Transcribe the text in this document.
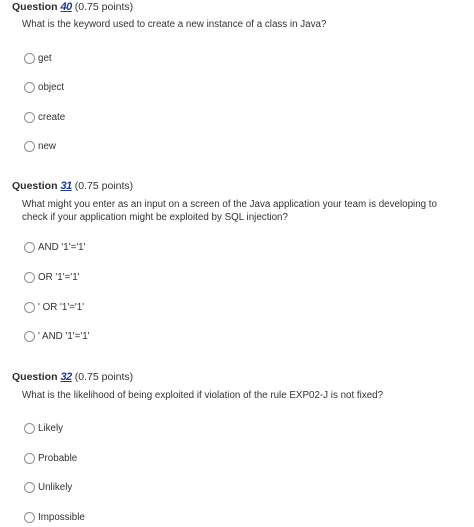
Question 40 (0.75 points)
What is the keyword used to create a new instance of a class in Java?
get
object
create
new
Question 31 (0.75 points)
What might you enter as an input on a screen of the Java application your team is developing to check if your application might be exploited by SQL injection?
AND '1'='1'
OR '1'='1'
' OR '1'='1'
' AND '1'='1'
Question 32 (0.75 points)
What is the likelihood of being exploited if violation of the rule EXP02-J is not fixed?
Likely
Probable
Unlikely
Impossible
